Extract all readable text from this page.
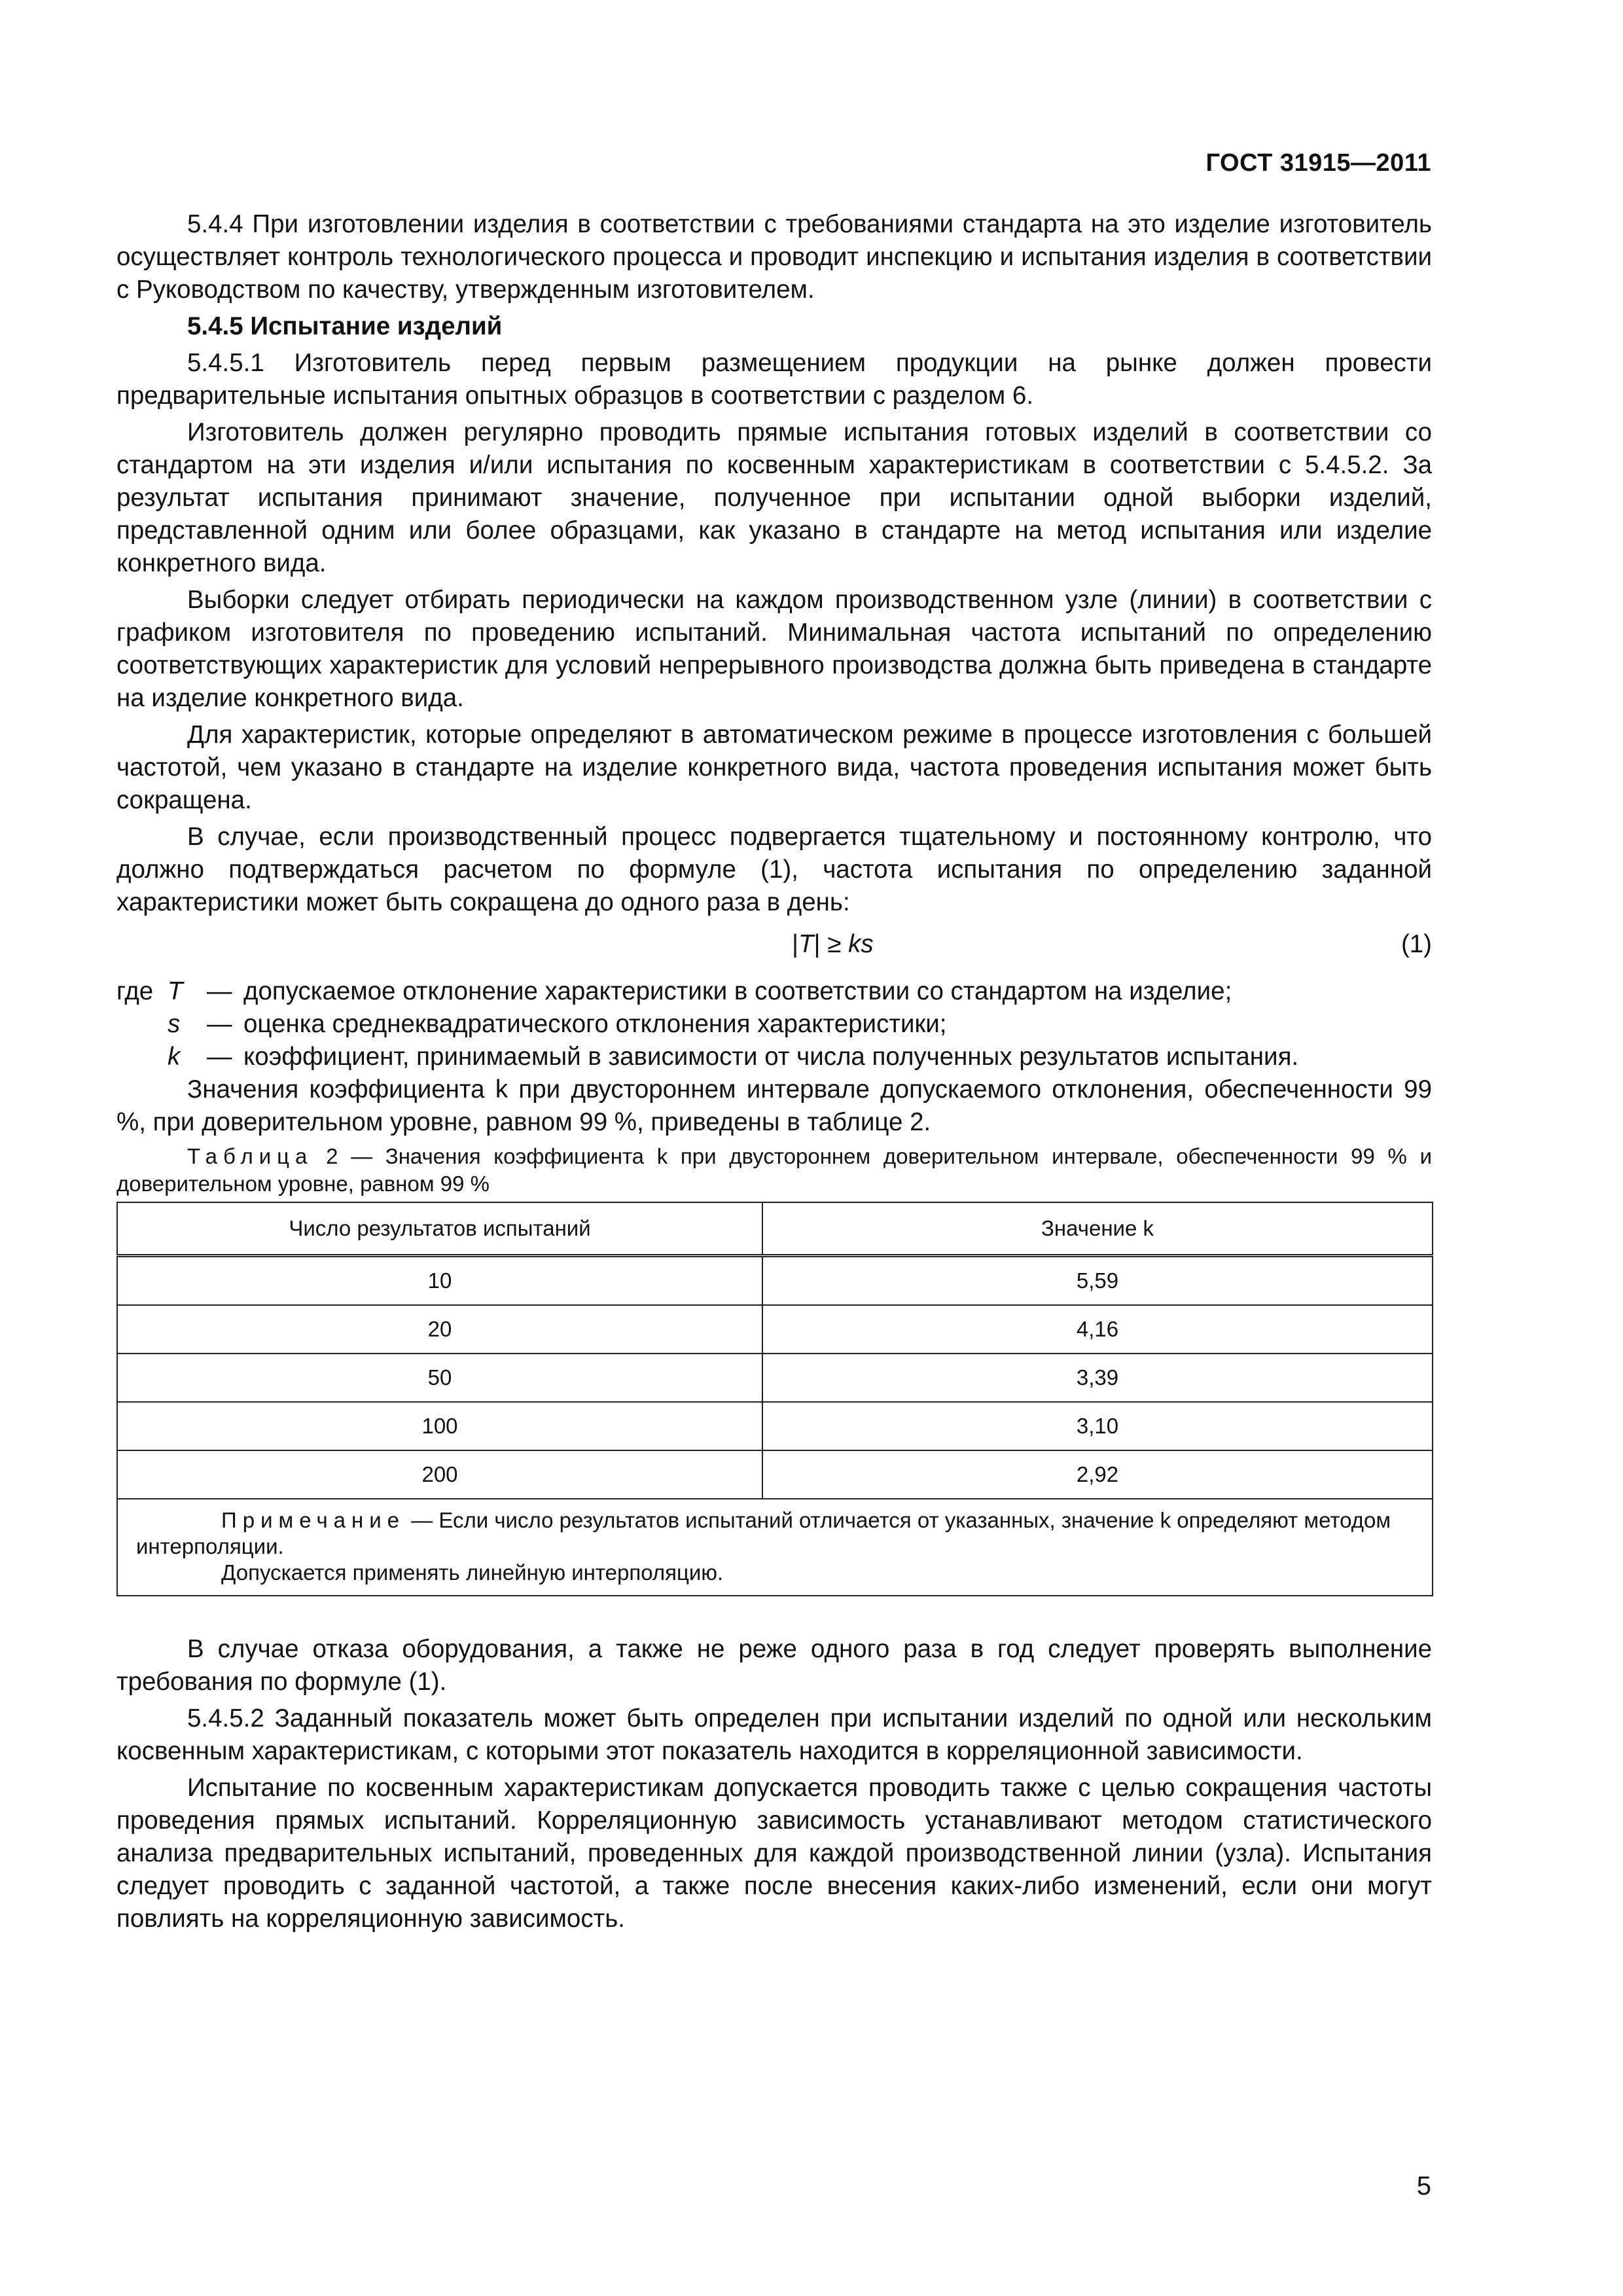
ГОСТ 31915—2011

5.4.4 При изготовлении изделия в соответствии с требованиями стандарта на это изделие изготовитель осуществляет контроль технологического процесса и проводит инспекцию и испытания изделия в соответствии с Руководством по качеству, утвержденным изготовителем.

5.4.5 Испытание изделий

5.4.5.1 Изготовитель перед первым размещением продукции на рынке должен провести предварительные испытания опытных образцов в соответствии с разделом 6.

Изготовитель должен регулярно проводить прямые испытания готовых изделий в соответствии со стандартом на эти изделия и/или испытания по косвенным характеристикам в соответствии с 5.4.5.2. За результат испытания принимают значение, полученное при испытании одной выборки изделий, представленной одним или более образцами, как указано в стандарте на метод испытания или изделие конкретного вида.

Выборки следует отбирать периодически на каждом производственном узле (линии) в соответствии с графиком изготовителя по проведению испытаний. Минимальная частота испытаний по определению соответствующих характеристик для условий непрерывного производства должна быть приведена в стандарте на изделие конкретного вида.

Для характеристик, которые определяют в автоматическом режиме в процессе изготовления с большей частотой, чем указано в стандарте на изделие конкретного вида, частота проведения испытания может быть сокращена.

В случае, если производственный процесс подвергается тщательному и постоянному контролю, что должно подтверждаться расчетом по формуле (1), частота испытания по определению заданной характеристики может быть сокращена до одного раза в день:

|T| ≥ ks	(1)
где T — допускаемое отклонение характеристики в соответствии со стандартом на изделие;
s	— оценка среднеквадратического отклонения характеристики;
k	— коэффициент, принимаемый в зависимости от числа полученных результатов испытания.

Значения коэффициента k при двустороннем интервале допускаемого отклонения, обеспеченности 99 %, при доверительном уровне, равном 99 %, приведены в таблице 2.

Таблица 2 — Значения коэффициента k при двустороннем доверительном интервале, обеспеченности 99 % и доверительном уровне, равном 99 %

Число результатов испытаний	Значение k
10	5,59
20	4,16
50	3,39
100	3,10
200	2,92
Примечание — Если число результатов испытаний отличается от указанных, значение k определяют методом интерполяции.
Допускается применять линейную интерполяцию.	

В случае отказа оборудования, а также не реже одного раза в год следует проверять выполнение требования по формуле (1).

5.4.5.2 Заданный показатель может быть определен при испытании изделий по одной или нескольким косвенным характеристикам, с которыми этот показатель находится в корреляционной зависимости.

Испытание по косвенным характеристикам допускается проводить также с целью сокращения частоты проведения прямых испытаний. Корреляционную зависимость устанавливают методом статистического анализа предварительных испытаний, проведенных для каждой производственной линии (узла). Испытания следует проводить с заданной частотой, а также после внесения каких-либо изменений, если они могут повлиять на корреляционную зависимость.

5
